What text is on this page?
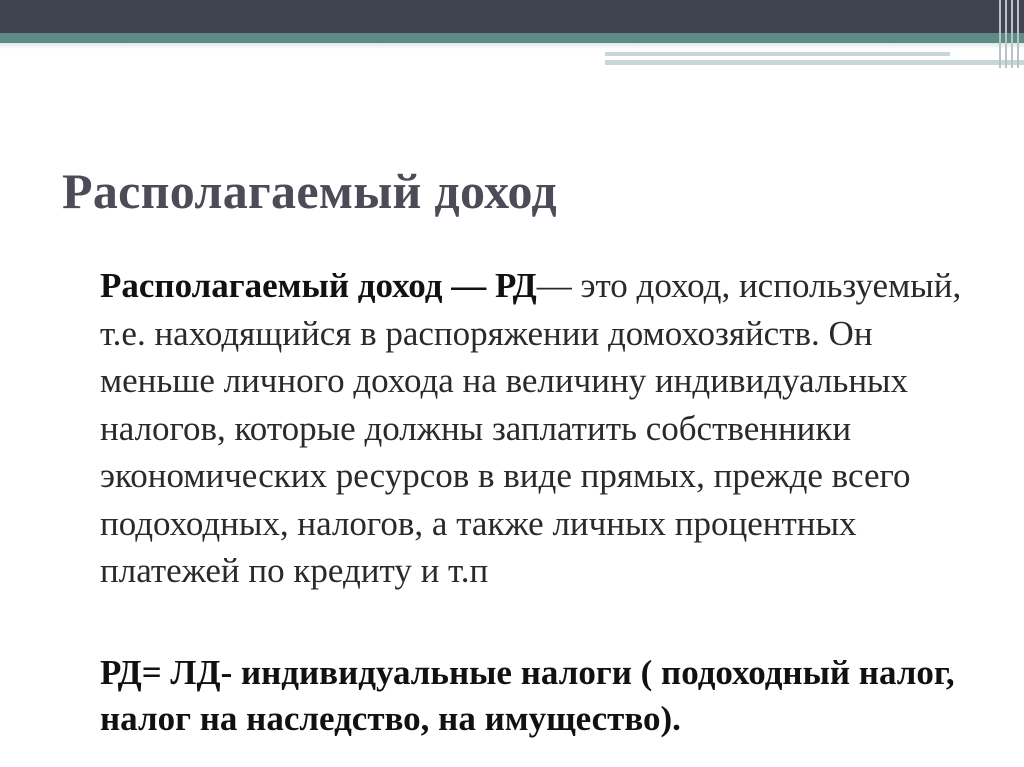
Располагаемый доход
Располагаемый доход — РД— это доход, используемый, т.е. находящийся в распоряжении домохозяйств. Он меньше личного дохода на величину индивидуальных налогов, которые должны заплатить собственники экономических ресурсов в виде прямых, прежде всего подоходных, налогов, а также личных процентных платежей по кредиту и т.п
РД= ЛД- индивидуальные налоги ( подоходный налог, налог на наследство, на имущество).
